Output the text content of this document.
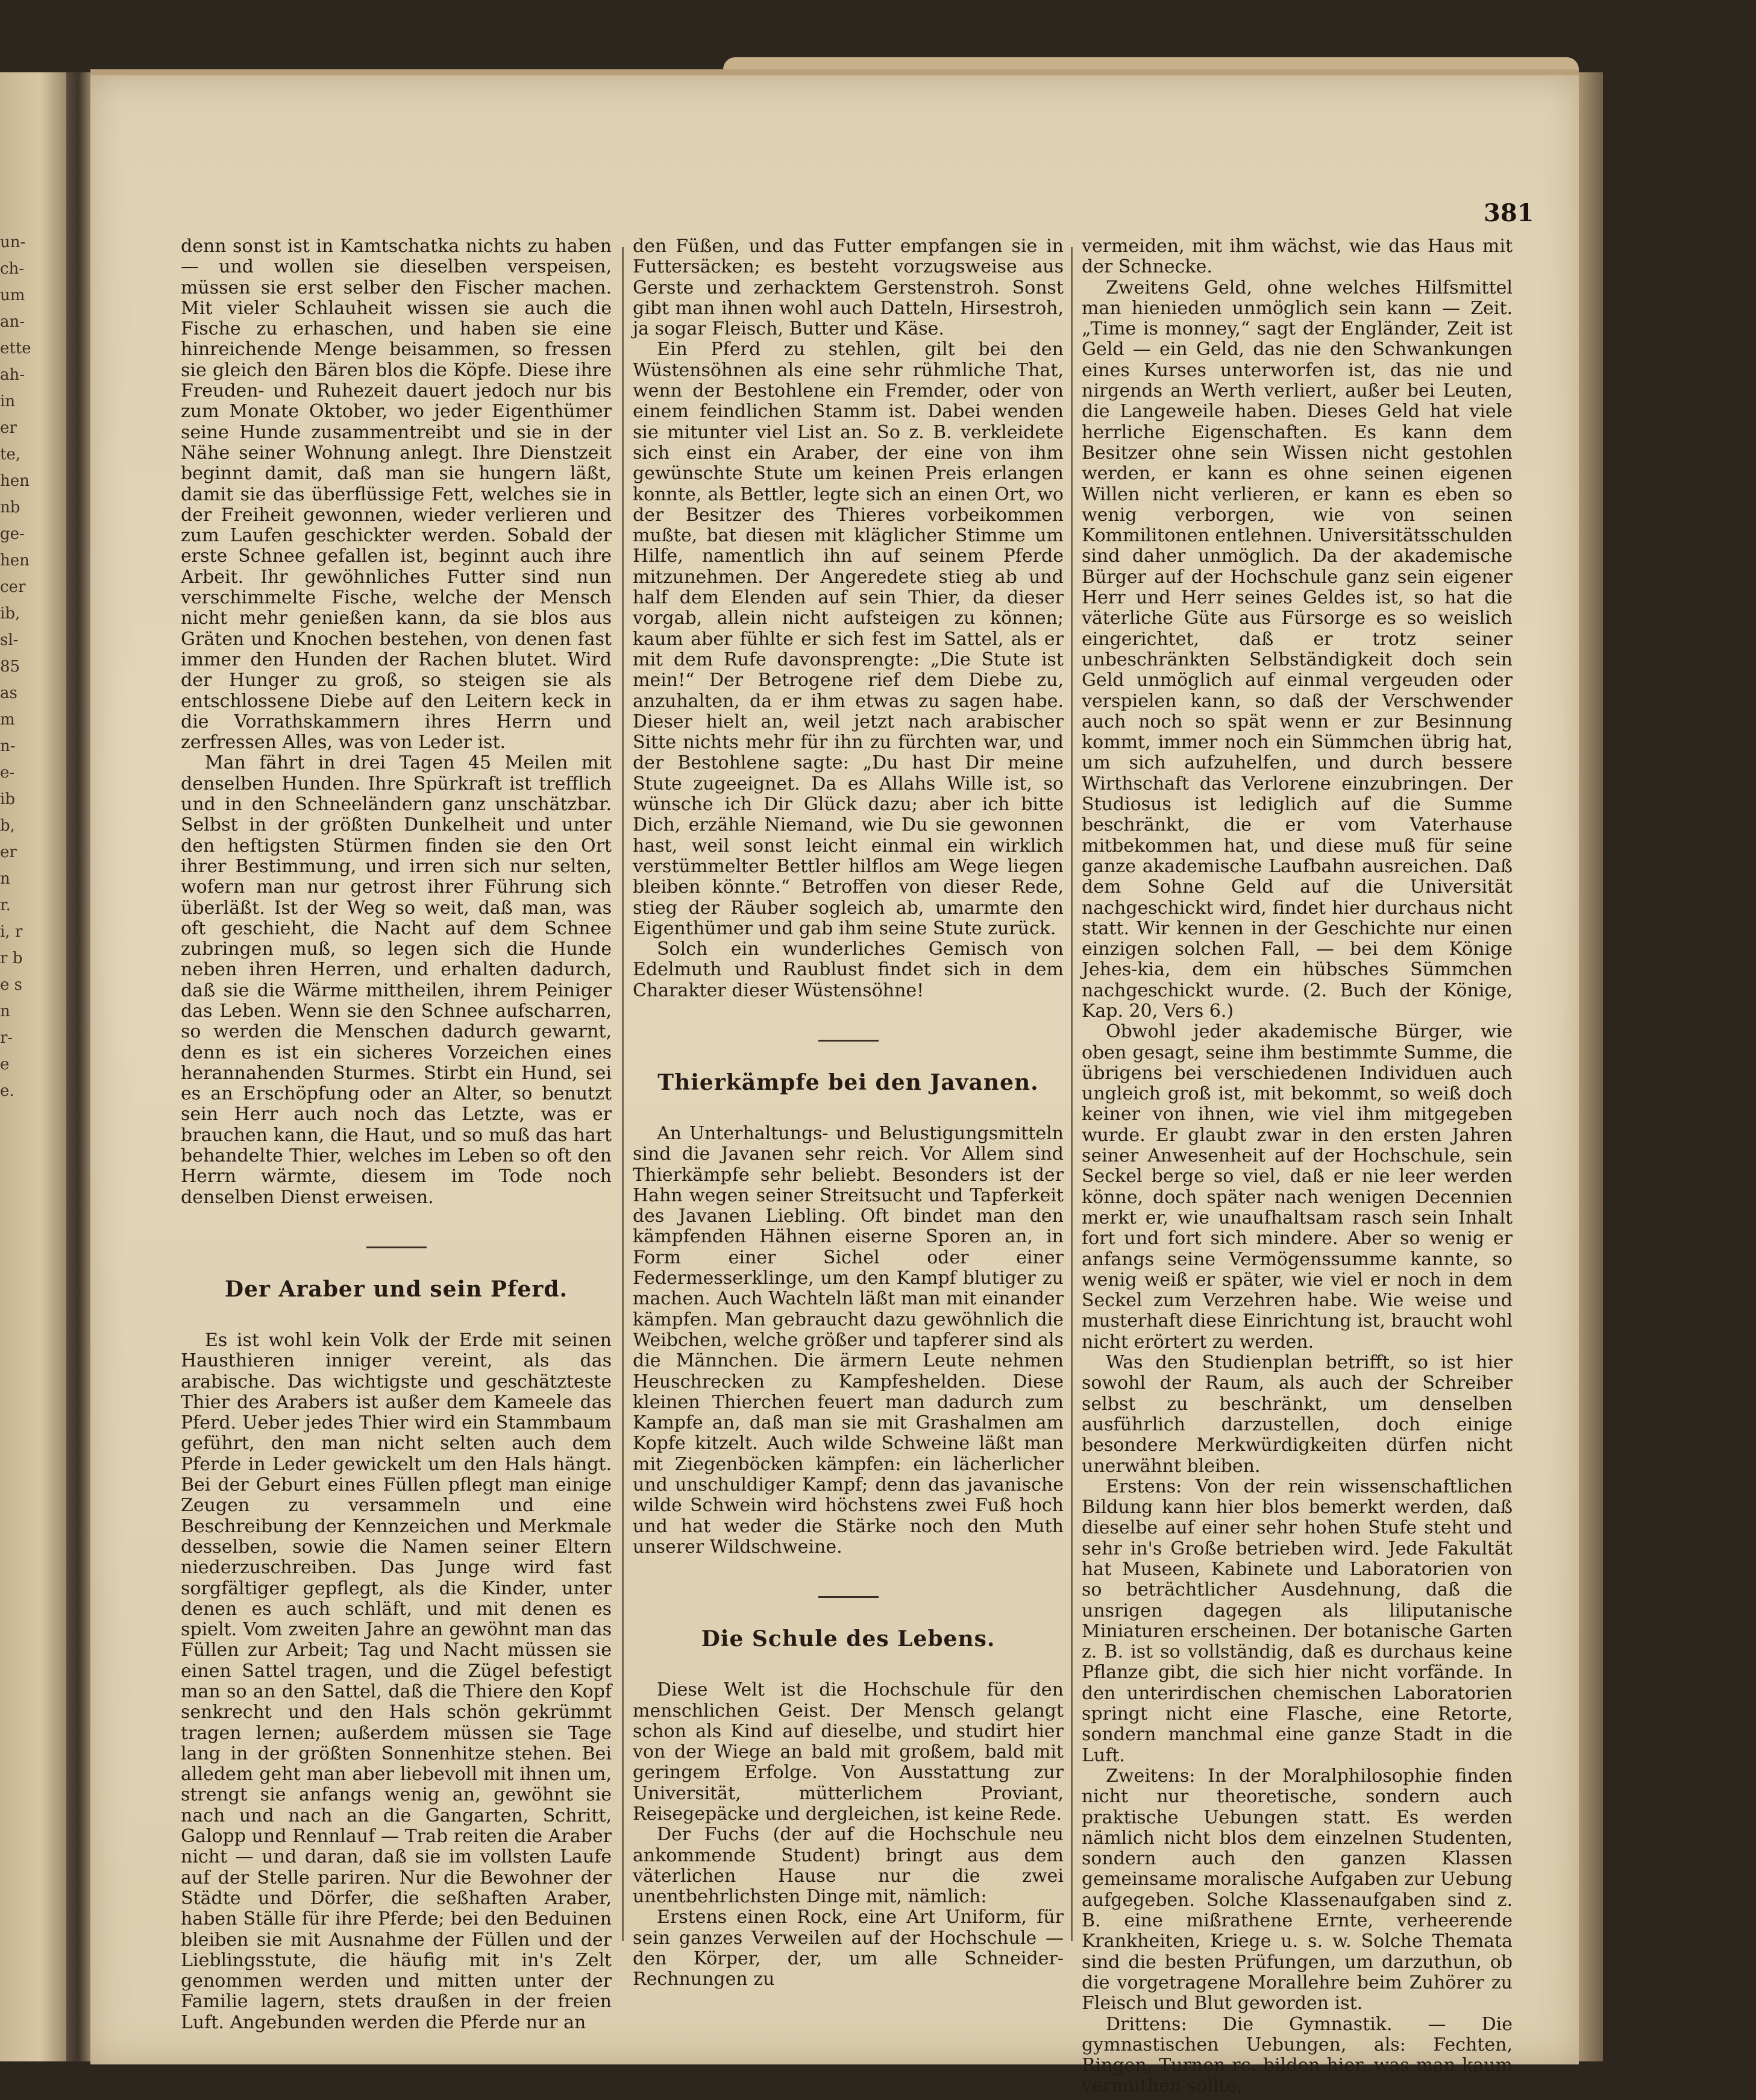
un- ch- um an- ette ah- in er te, hen nb ge- hen cer ib, sl- 85 as m n- e- ib b, er n r. i, r r b e s n r- e e.
381

denn sonst ist in Kamtschatka nichts zu haben — und wollen sie dieselben verspeisen, müssen sie erst selber den Fischer machen. Mit vieler Schlauheit wissen sie auch die Fische zu erhaschen, und haben sie eine hinreichende Menge beisammen, so fressen sie gleich den Bären blos die Köpfe. Diese ihre Freuden- und Ruhezeit dauert jedoch nur bis zum Monate Oktober, wo jeder Eigenthümer seine Hunde zusammentreibt und sie in der Nähe seiner Wohnung anlegt. Ihre Dienstzeit beginnt damit, daß man sie hungern läßt, damit sie das überflüssige Fett, welches sie in der Freiheit gewonnen, wieder verlieren und zum Laufen geschickter werden. Sobald der erste Schnee gefallen ist, beginnt auch ihre Arbeit. Ihr gewöhnliches Futter sind nun verschimmelte Fische, welche der Mensch nicht mehr genießen kann, da sie blos aus Gräten und Knochen bestehen, von denen fast immer den Hunden der Rachen blutet. Wird der Hunger zu groß, so steigen sie als entschlossene Diebe auf den Leitern keck in die Vorrathskammern ihres Herrn und zerfressen Alles, was von Leder ist.

Man fährt in drei Tagen 45 Meilen mit denselben Hunden. Ihre Spürkraft ist trefflich und in den Schneeländern ganz unschätzbar. Selbst in der größten Dunkelheit und unter den heftigsten Stürmen finden sie den Ort ihrer Bestimmung, und irren sich nur selten, wofern man nur getrost ihrer Führung sich überläßt. Ist der Weg so weit, daß man, was oft geschieht, die Nacht auf dem Schnee zubringen muß, so legen sich die Hunde neben ihren Herren, und erhalten dadurch, daß sie die Wärme mittheilen, ihrem Peiniger das Leben. Wenn sie den Schnee aufscharren, so werden die Menschen dadurch gewarnt, denn es ist ein sicheres Vorzeichen eines herannahenden Sturmes. Stirbt ein Hund, sei es an Erschöpfung oder an Alter, so benutzt sein Herr auch noch das Letzte, was er brauchen kann, die Haut, und so muß das hart behandelte Thier, welches im Leben so oft den Herrn wärmte, diesem im Tode noch denselben Dienst erweisen.

Der Araber und sein Pferd.

Es ist wohl kein Volk der Erde mit seinen Hausthieren inniger vereint, als das arabische. Das wichtigste und geschätzteste Thier des Arabers ist außer dem Kameele das Pferd. Ueber jedes Thier wird ein Stammbaum geführt, den man nicht selten auch dem Pferde in Leder gewickelt um den Hals hängt. Bei der Geburt eines Füllen pflegt man einige Zeugen zu versammeln und eine Beschreibung der Kennzeichen und Merkmale desselben, sowie die Namen seiner Eltern niederzuschreiben. Das Junge wird fast sorgfältiger gepflegt, als die Kinder, unter denen es auch schläft, und mit denen es spielt. Vom zweiten Jahre an gewöhnt man das Füllen zur Arbeit; Tag und Nacht müssen sie einen Sattel tragen, und die Zügel befestigt man so an den Sattel, daß die Thiere den Kopf senkrecht und den Hals schön gekrümmt tragen lernen; außerdem müssen sie Tage lang in der größten Sonnenhitze stehen. Bei alledem geht man aber liebevoll mit ihnen um, strengt sie anfangs wenig an, gewöhnt sie nach und nach an die Gangarten, Schritt, Galopp und Rennlauf — Trab reiten die Araber nicht — und daran, daß sie im vollsten Laufe auf der Stelle pariren. Nur die Bewohner der Städte und Dörfer, die seßhaften Araber, haben Ställe für ihre Pferde; bei den Beduinen bleiben sie mit Ausnahme der Füllen und der Lieblingsstute, die häufig mit in's Zelt genommen werden und mitten unter der Familie lagern, stets draußen in der freien Luft. Angebunden werden die Pferde nur an

den Füßen, und das Futter empfangen sie in Futtersäcken; es besteht vorzugsweise aus Gerste und zerhacktem Gerstenstroh. Sonst gibt man ihnen wohl auch Datteln, Hirsestroh, ja sogar Fleisch, Butter und Käse.

Ein Pferd zu stehlen, gilt bei den Wüstensöhnen als eine sehr rühmliche That, wenn der Bestohlene ein Fremder, oder von einem feindlichen Stamm ist. Dabei wenden sie mitunter viel List an. So z. B. verkleidete sich einst ein Araber, der eine von ihm gewünschte Stute um keinen Preis erlangen konnte, als Bettler, legte sich an einen Ort, wo der Besitzer des Thieres vorbeikommen mußte, bat diesen mit kläglicher Stimme um Hilfe, namentlich ihn auf seinem Pferde mitzunehmen. Der Angeredete stieg ab und half dem Elenden auf sein Thier, da dieser vorgab, allein nicht aufsteigen zu können; kaum aber fühlte er sich fest im Sattel, als er mit dem Rufe davonsprengte: „Die Stute ist mein!“ Der Betrogene rief dem Diebe zu, anzuhalten, da er ihm etwas zu sagen habe. Dieser hielt an, weil jetzt nach arabischer Sitte nichts mehr für ihn zu fürchten war, und der Bestohlene sagte: „Du hast Dir meine Stute zugeeignet. Da es Allahs Wille ist, so wünsche ich Dir Glück dazu; aber ich bitte Dich, erzähle Niemand, wie Du sie gewonnen hast, weil sonst leicht einmal ein wirklich verstümmelter Bettler hilflos am Wege liegen bleiben könnte.“ Betroffen von dieser Rede, stieg der Räuber sogleich ab, umarmte den Eigenthümer und gab ihm seine Stute zurück.

Solch ein wunderliches Gemisch von Edelmuth und Raublust findet sich in dem Charakter dieser Wüstensöhne!

Thierkämpfe bei den Javanen.

An Unterhaltungs- und Belustigungsmitteln sind die Javanen sehr reich. Vor Allem sind Thierkämpfe sehr beliebt. Besonders ist der Hahn wegen seiner Streitsucht und Tapferkeit des Javanen Liebling. Oft bindet man den kämpfenden Hähnen eiserne Sporen an, in Form einer Sichel oder einer Federmesserklinge, um den Kampf blutiger zu machen. Auch Wachteln läßt man mit einander kämpfen. Man gebraucht dazu gewöhnlich die Weibchen, welche größer und tapferer sind als die Männchen. Die ärmern Leute nehmen Heuschrecken zu Kampfeshelden. Diese kleinen Thierchen feuert man dadurch zum Kampfe an, daß man sie mit Grashalmen am Kopfe kitzelt. Auch wilde Schweine läßt man mit Ziegenböcken kämpfen: ein lächerlicher und unschuldiger Kampf; denn das javanische wilde Schwein wird höchstens zwei Fuß hoch und hat weder die Stärke noch den Muth unserer Wildschweine.

Die Schule des Lebens.

Diese Welt ist die Hochschule für den menschlichen Geist. Der Mensch gelangt schon als Kind auf dieselbe, und studirt hier von der Wiege an bald mit großem, bald mit geringem Erfolge. Von Ausstattung zur Universität, mütterlichem Proviant, Reisegepäcke und dergleichen, ist keine Rede.

Der Fuchs (der auf die Hochschule neu ankommende Student) bringt aus dem väterlichen Hause nur die zwei unentbehrlichsten Dinge mit, nämlich:

Erstens einen Rock, eine Art Uniform, für sein ganzes Verweilen auf der Hochschule — den Körper, der, um alle Schneider-Rechnungen zu

vermeiden, mit ihm wächst, wie das Haus mit der Schnecke.

Zweitens Geld, ohne welches Hilfsmittel man hienieden unmöglich sein kann — Zeit. „Time is monney,“ sagt der Engländer, Zeit ist Geld — ein Geld, das nie den Schwankungen eines Kurses unterworfen ist, das nie und nirgends an Werth verliert, außer bei Leuten, die Langeweile haben. Dieses Geld hat viele herrliche Eigenschaften. Es kann dem Besitzer ohne sein Wissen nicht gestohlen werden, er kann es ohne seinen eigenen Willen nicht verlieren, er kann es eben so wenig verborgen, wie von seinen Kommilitonen entlehnen. Universitätsschulden sind daher unmöglich. Da der akademische Bürger auf der Hochschule ganz sein eigener Herr und Herr seines Geldes ist, so hat die väterliche Güte aus Fürsorge es so weislich eingerichtet, daß er trotz seiner unbeschränkten Selbständigkeit doch sein Geld unmöglich auf einmal vergeuden oder verspielen kann, so daß der Verschwender auch noch so spät wenn er zur Besinnung kommt, immer noch ein Sümmchen übrig hat, um sich aufzuhelfen, und durch bessere Wirthschaft das Verlorene einzubringen. Der Studiosus ist lediglich auf die Summe beschränkt, die er vom Vaterhause mitbekommen hat, und diese muß für seine ganze akademische Laufbahn ausreichen. Daß dem Sohne Geld auf die Universität nachgeschickt wird, findet hier durchaus nicht statt. Wir kennen in der Geschichte nur einen einzigen solchen Fall, — bei dem Könige Jehes-kia, dem ein hübsches Sümmchen nachgeschickt wurde. (2. Buch der Könige, Kap. 20, Vers 6.)

Obwohl jeder akademische Bürger, wie oben gesagt, seine ihm bestimmte Summe, die übrigens bei verschiedenen Individuen auch ungleich groß ist, mit bekommt, so weiß doch keiner von ihnen, wie viel ihm mitgegeben wurde. Er glaubt zwar in den ersten Jahren seiner Anwesenheit auf der Hochschule, sein Seckel berge so viel, daß er nie leer werden könne, doch später nach wenigen Decennien merkt er, wie unaufhaltsam rasch sein Inhalt fort und fort sich mindere. Aber so wenig er anfangs seine Vermögenssumme kannte, so wenig weiß er später, wie viel er noch in dem Seckel zum Verzehren habe. Wie weise und musterhaft diese Einrichtung ist, braucht wohl nicht erörtert zu werden.

Was den Studienplan betrifft, so ist hier sowohl der Raum, als auch der Schreiber selbst zu beschränkt, um denselben ausführlich darzustellen, doch einige besondere Merkwürdigkeiten dürfen nicht unerwähnt bleiben.

Erstens: Von der rein wissenschaftlichen Bildung kann hier blos bemerkt werden, daß dieselbe auf einer sehr hohen Stufe steht und sehr in's Große betrieben wird. Jede Fakultät hat Museen, Kabinete und Laboratorien von so beträchtlicher Ausdehnung, daß die unsrigen dagegen als liliputanische Miniaturen erscheinen. Der botanische Garten z. B. ist so vollständig, daß es durchaus keine Pflanze gibt, die sich hier nicht vorfände. In den unterirdischen chemischen Laboratorien springt nicht eine Flasche, eine Retorte, sondern manchmal eine ganze Stadt in die Luft.

Zweitens: In der Moralphilosophie finden nicht nur theoretische, sondern auch praktische Uebungen statt. Es werden nämlich nicht blos dem einzelnen Studenten, sondern auch den ganzen Klassen gemeinsame moralische Aufgaben zur Uebung aufgegeben. Solche Klassenaufgaben sind z. B. eine mißrathene Ernte, verheerende Krankheiten, Kriege u. s. w. Solche Themata sind die besten Prüfungen, um darzuthun, ob die vorgetragene Morallehre beim Zuhörer zu Fleisch und Blut geworden ist.

Drittens: Die Gymnastik. — Die gymnastischen Uebungen, als: Fechten, Ringen, Turnen rc. bilden hier, was man kaum vermuthen sollte,
